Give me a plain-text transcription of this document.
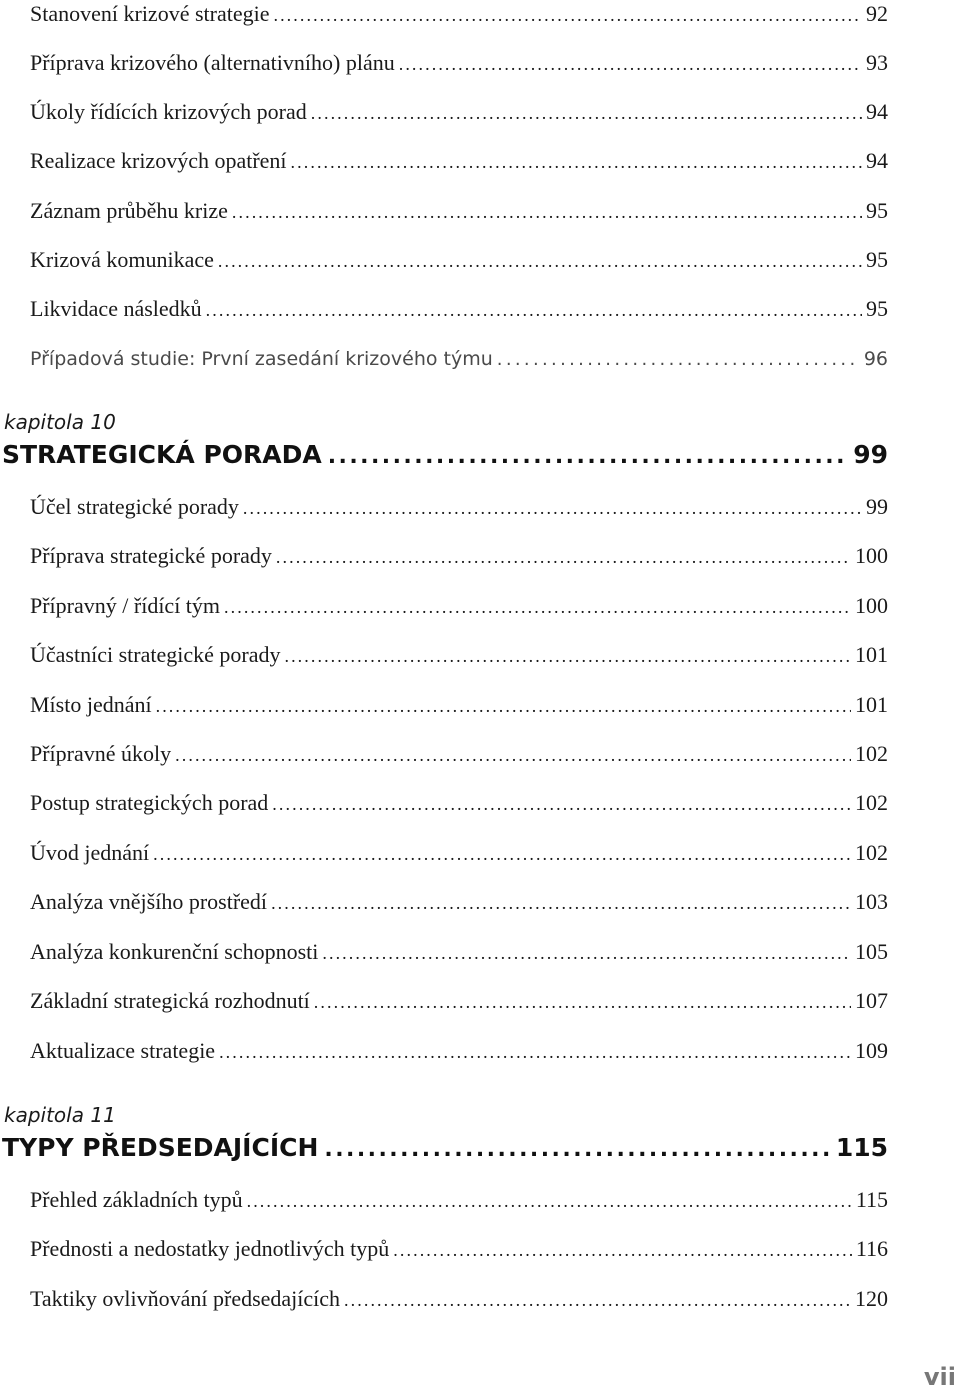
Stanovení krizové strategie . . .	92
Příprava krizového (alternativního) plánu . . .	93
Úkoly řídících krizových porad . . .	94
Realizace krizových opatření . . .	94
Záznam průběhu krize . . .	95
Krizová komunikace . . .	95
Likvidace následků . . .	95
Případová studie: První zasedání krizového týmu . . .	96
kapitola 10
STRATEGICKÁ PORADA . . .	99
Účel strategické porady . . .	99
Příprava strategické porady . . .	100
Přípravný / řídící tým . . .	100
Účastníci strategické porady . . .	101
Místo jednání . . .	101
Přípravné úkoly . . .	102
Postup strategických porad . . .	102
Úvod jednání . . .	102
Analýza vnějšího prostředí . . .	103
Analýza konkurenční schopnosti . . .	105
Základní strategická rozhodnutí . . .	107
Aktualizace strategie . . .	109
kapitola 11
TYPY PŘEDSEDAJÍCÍCH . . .	115
Přehled základních typů . . .	115
Přednosti a nedostatky jednotlivých typů . . .	116
Taktiky ovlivňování předsedajících . . .	120
vii
